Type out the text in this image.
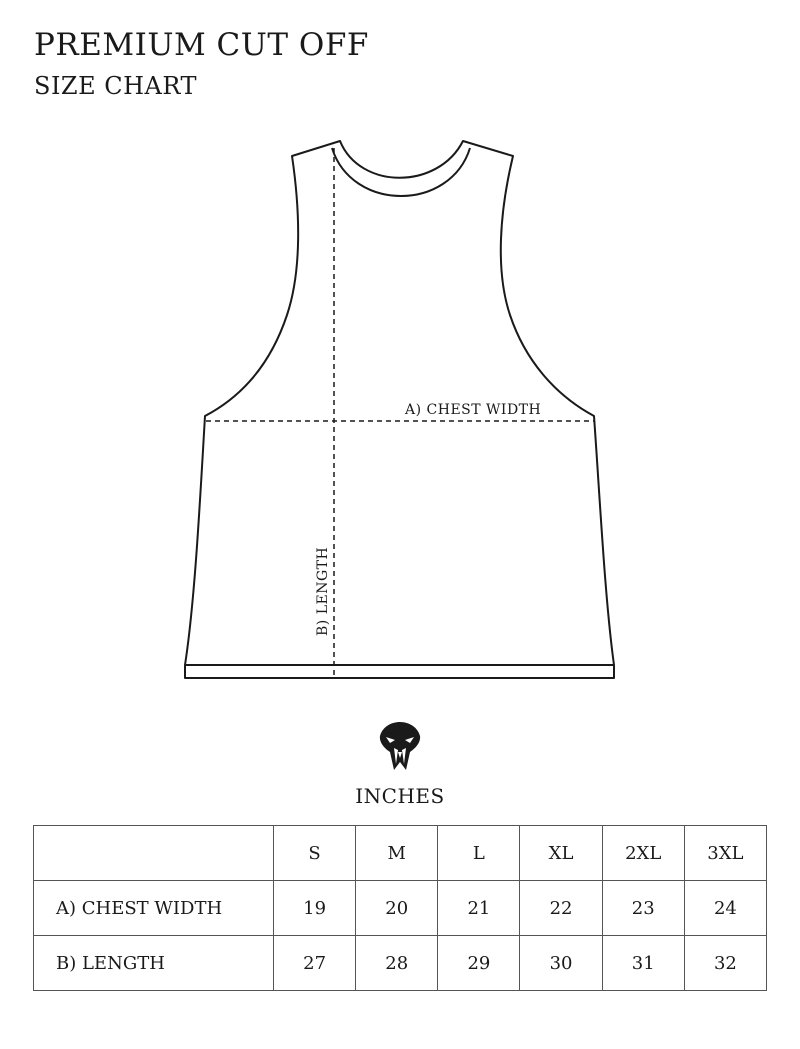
PREMIUM CUT OFF
SIZE CHART
A) CHEST WIDTH
B) LENGTH
INCHES
	S	M	L	XL	2XL	3XL
A) CHEST WIDTH	19	20	21	22	23	24
B) LENGTH	27	28	29	30	31	32
